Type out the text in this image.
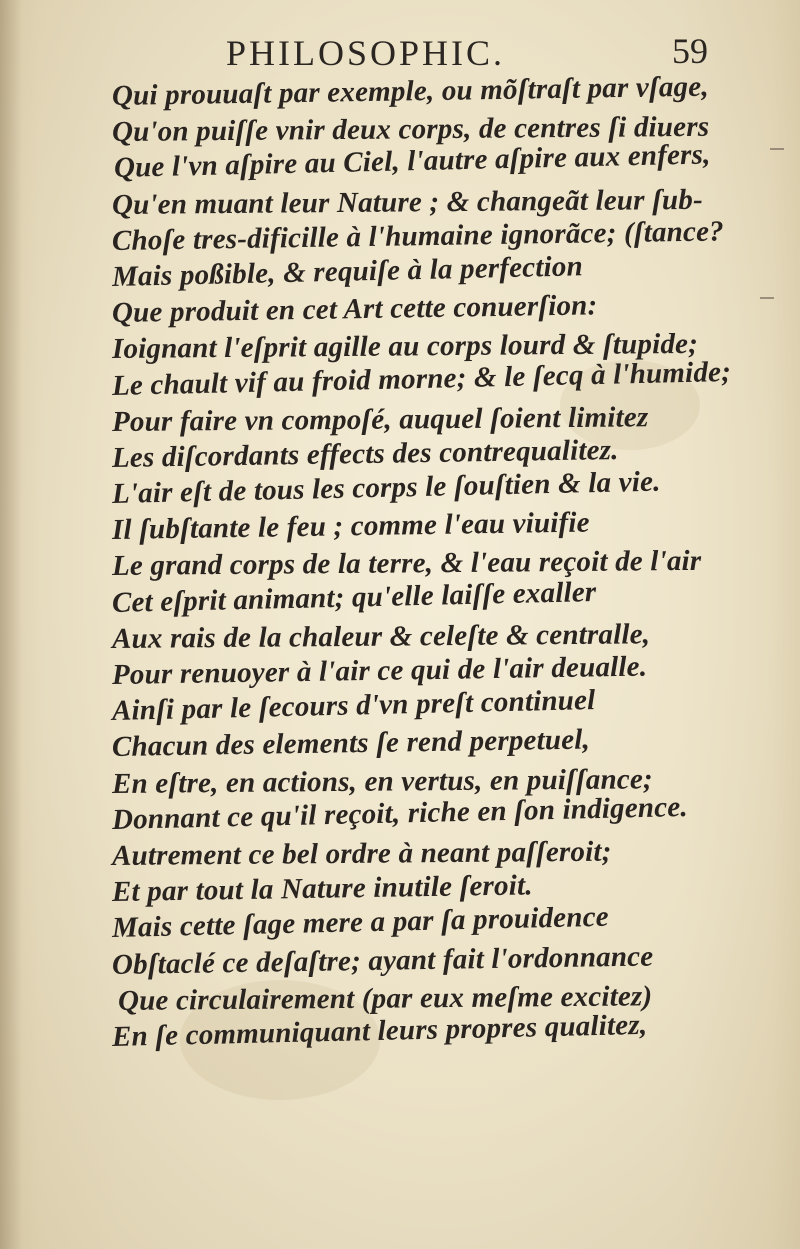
PHILOSOPHIC.	59
Qui prouuaſt par exemple, ou mõſtraſt par vſage,
Qu'on puiſſe vnir deux corps, de centres ſi diuers
Que l'vn aſpire au Ciel, l'autre aſpire aux enfers,
Qu'en muant leur Nature ; & changeãt leur ſub-
Choſe tres-dificille à l'humaine ignorãce; (ſtance?
Mais poßible, & requiſe à la perfection
Que produit en cet Art cette conuerſion:
Ioignant l'eſprit agille au corps lourd & ſtupide;
Le chault vif au froid morne; & le ſecq à l'humide;
Pour faire vn compoſé, auquel ſoient limitez
Les diſcordants effects des contrequalitez.
L'air eſt de tous les corps le ſouſtien & la vie.
Il ſubſtante le feu ; comme l'eau viuifie
Le grand corps de la terre, & l'eau reçoit de l'air
Cet eſprit animant; qu'elle laiſſe exaller
Aux rais de la chaleur & celeſte & centralle,
Pour renuoyer à l'air ce qui de l'air deualle.
Ainſi par le ſecours d'vn preſt continuel
Chacun des elements ſe rend perpetuel,
En eſtre, en actions, en vertus, en puiſſance;
Donnant ce qu'il reçoit, riche en ſon indigence.
Autrement ce bel ordre à neant paſſeroit;
Et par tout la Nature inutile ſeroit.
Mais cette ſage mere a par ſa prouidence
Obſtaclé ce deſaſtre; ayant fait l'ordonnance
Que circulairement (par eux meſme excitez)
En ſe communiquant leurs propres qualitez,
